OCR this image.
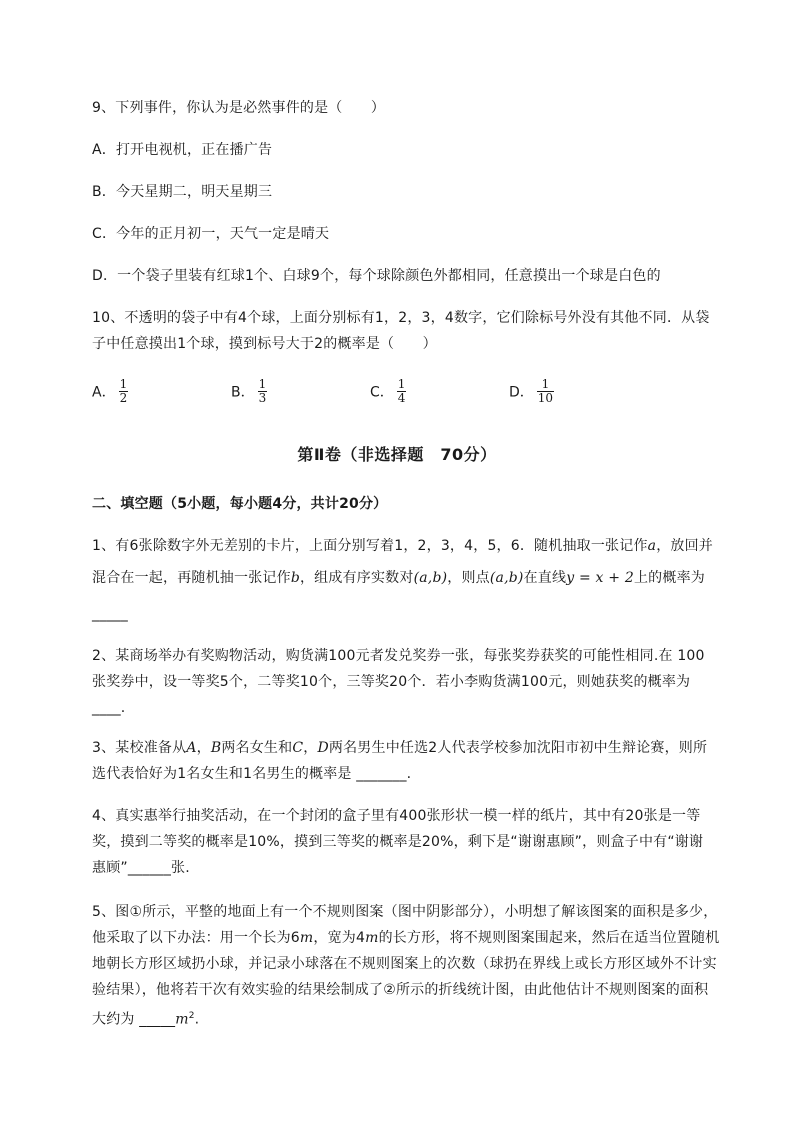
9、下列事件，你认为是必然事件的是（　　）
A．打开电视机，正在播广告
B．今天星期二，明天星期三
C．今年的正月初一，天气一定是晴天
D．一个袋子里装有红球1个、白球9个，每个球除颜色外都相同，任意摸出一个球是白色的
10、不透明的袋子中有4个球，上面分别标有1，2，3，4数字，它们除标号外没有其他不同．从袋
子中任意摸出1个球，摸到标号大于2的概率是（　　）
A． $\frac{1}{2}$	B． $\frac{1}{3}$	C． $\frac{1}{4}$	D． $\frac{1}{10}$
第Ⅱ卷（非选择题　70分）
二、填空题（5小题，每小题4分，共计20分）
1、有6张除数字外无差别的卡片，上面分别写着1，2，3，4，5，6．随机抽取一张记作a，放回并
混合在一起，再随机抽一张记作b，组成有序实数对(a,b)，则点(a,b)在直线y = x + 2上的概率为
_____
2、某商场举办有奖购物活动，购货满100元者发兑奖券一张，每张奖券获奖的可能性相同.在 100
张奖券中，设一等奖5个，二等奖10个，三等奖20个．若小李购货满100元，则她获奖的概率为
____.
3、某校准备从A，B两名女生和C，D两名男生中任选2人代表学校参加沈阳市初中生辩论赛，则所
选代表恰好为1名女生和1名男生的概率是 _______.
4、真实惠举行抽奖活动，在一个封闭的盒子里有400张形状一模一样的纸片，其中有20张是一等
奖，摸到二等奖的概率是10%，摸到三等奖的概率是20%，剩下是“谢谢惠顾”，则盒子中有“谢谢
惠顾”______张.
5、图①所示，平整的地面上有一个不规则图案（图中阴影部分），小明想了解该图案的面积是多少，
他采取了以下办法：用一个长为6m，宽为4m的长方形，将不规则图案围起来，然后在适当位置随机
地朝长方形区域扔小球，并记录小球落在不规则图案上的次数（球扔在界线上或长方形区域外不计实
验结果），他将若干次有效实验的结果绘制成了②所示的折线统计图，由此他估计不规则图案的面积
大约为 $\_\_\_\_\_m^2$.
